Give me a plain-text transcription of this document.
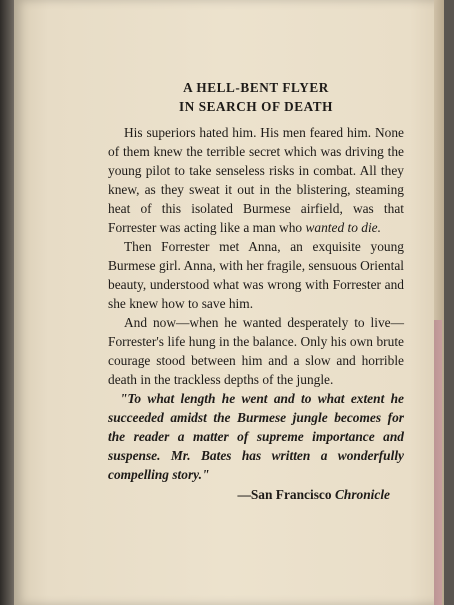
A HELL-BENT FLYER
IN SEARCH OF DEATH

His superiors hated him. His men feared him. None of them knew the terrible secret which was driving the young pilot to take senseless risks in combat. All they knew, as they sweat it out in the blistering, steaming heat of this isolated Burmese airfield, was that Forrester was acting like a man who wanted to die.

Then Forrester met Anna, an exquisite young Burmese girl. Anna, with her fragile, sensuous Oriental beauty, understood what was wrong with Forrester and she knew how to save him.

And now—when he wanted desperately to live—Forrester's life hung in the balance. Only his own brute courage stood between him and a slow and horrible death in the trackless depths of the jungle.

"To what length he went and to what extent he succeeded amidst the Burmese jungle becomes for the reader a matter of supreme importance and suspense. Mr. Bates has written a wonderfully compelling story."

—San Francisco Chronicle
